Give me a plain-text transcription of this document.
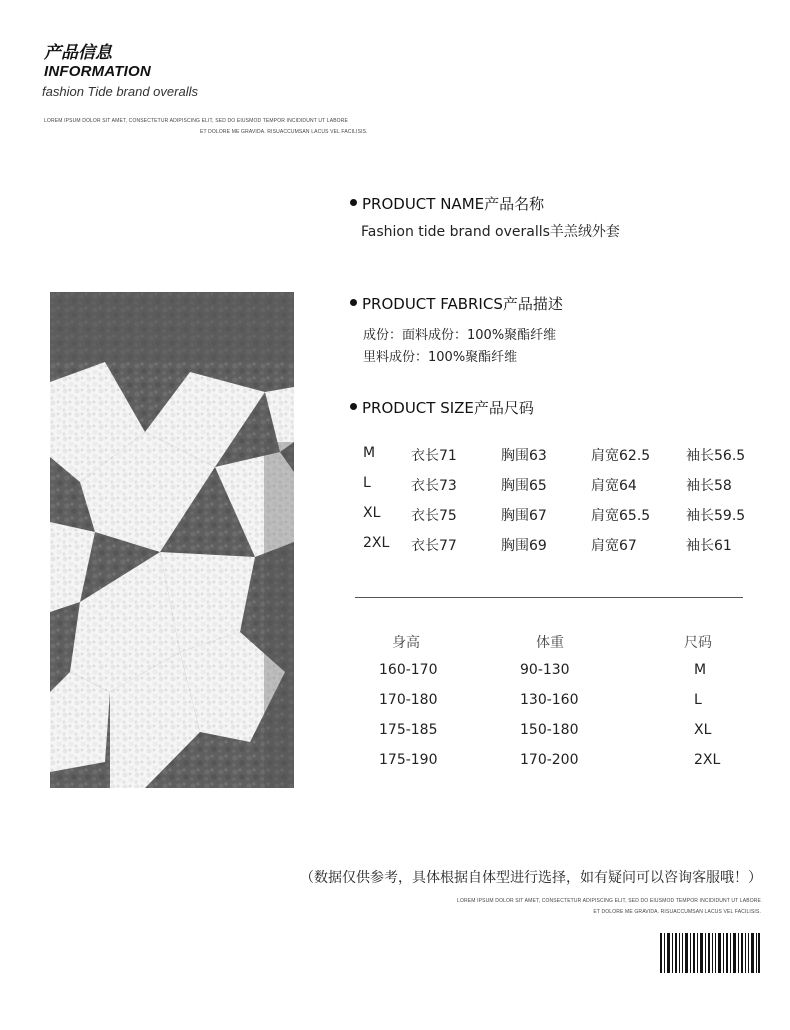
产品信息
INFORMATION
fashion Tide brand overalls
LOREM IPSUM DOLOR SIT AMET, CONSECTETUR ADIPISCING ELIT, SED DO EIUSMOD TEMPOR INCIDIDUNT UT LABORE
ET DOLORE ME GRAVIDA. RISUACCUMSAN LACUS VEL FACILISIS.
PRODUCT NAME产品名称
Fashion tide brand overalls羊羔绒外套
PRODUCT FABRICS产品描述
成份：面料成份：100%聚酯纤维
里料成份：100%聚酯纤维
PRODUCT SIZE产品尺码
M	衣长71	胸围63	肩宽62.5	袖长56.5
L	衣长73	胸围65	肩宽64	袖长58
XL 衣长75	胸围67	肩宽65.5	袖长59.5
2XL 衣长77	胸围69	肩宽67	袖长61
身高	体重	尺码
160-170	90-130	M
170-180	130-160	L
175-185	150-180	XL
175-190	170-200	2XL
（数据仅供参考，具体根据自体型进行选择，如有疑问可以咨询客服哦！）
LOREM IPSUM DOLOR SIT AMET, CONSECTETUR ADIPISCING ELIT, SED DO EIUSMOD TEMPOR INCIDIDUNT UT LABORE
ET DOLORE ME GRAVIDA. RISUACCUMSAN LACUS VEL FACILISIS.
